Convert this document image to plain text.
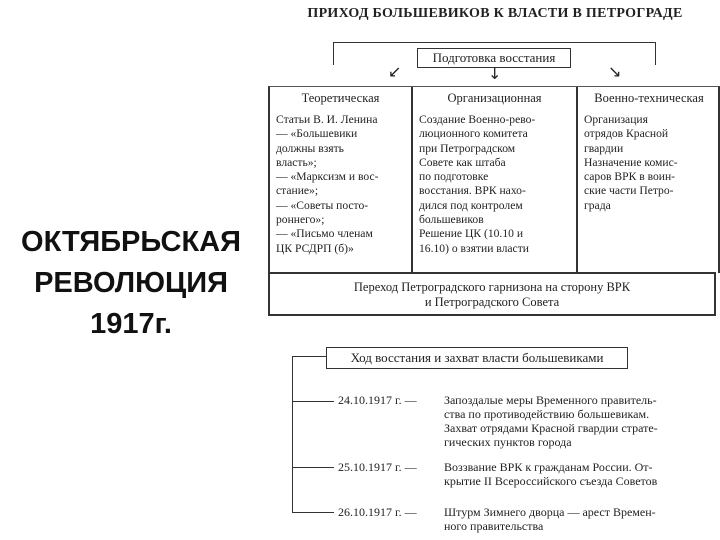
ОКТЯБРЬСКАЯ
РЕВОЛЮЦИЯ
1917г.
ПРИХОД БОЛЬШЕВИКОВ К ВЛАСТИ В ПЕТРОГРАДЕ
Подготовка восстания
↙	↓	↘
Теоретическая
Статьи В. И. Ленина
— «Большевики
должны взять
власть»;
— «Марксизм и вос-
стание»;
— «Советы посто-
роннего»;
— «Письмо членам
ЦК РСДРП (б)»
Организационная
Создание Военно-рево-
люционного комитета
при Петроградском
Совете как штаба
по подготовке
восстания. ВРК нахо-
дился под контролем
большевиков
Решение ЦК (10.10 и
16.10) о взятии власти
Военно-техническая
Организация
отрядов Красной
гвардии
Назначение комис-
саров ВРК в воин-
ские части Петро-
града
Переход Петроградского гарнизона на сторону ВРК
и Петроградского Совета
Ход восстания и захват власти большевиками
24.10.1917 г. — Запоздалые меры Временного правитель-
ства по противодействию большевикам.
Захват отрядами Красной гвардии страте-
гических пунктов города
25.10.1917 г. — Воззвание ВРК к гражданам России. От-
крытие II Всероссийского съезда Советов
26.10.1917 г. — Штурм Зимнего дворца — арест Времен-
ного правительства
